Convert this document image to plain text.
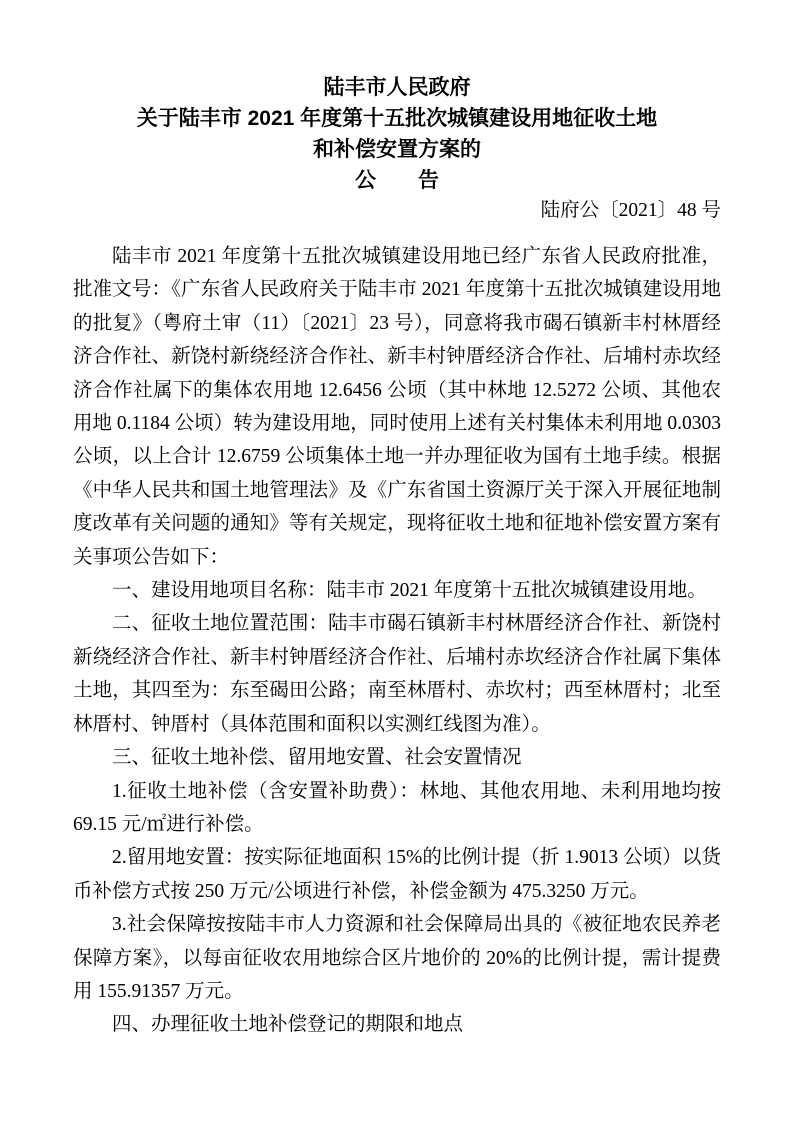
陆丰市人民政府
关于陆丰市 2021 年度第十五批次城镇建设用地征收土地
和补偿安置方案的
公　　告
陆府公〔2021〕48 号

陆丰市 2021 年度第十五批次城镇建设用地已经广东省人民政府批准，批准文号：《广东省人民政府关于陆丰市 2021 年度第十五批次城镇建设用地的批复》（粤府土审（11）〔2021〕23 号），同意将我市碣石镇新丰村林厝经济合作社、新饶村新绕经济合作社、新丰村钟厝经济合作社、后埔村赤坎经济合作社属下的集体农用地 12.6456 公顷（其中林地 12.5272 公顷、其他农用地 0.1184 公顷）转为建设用地，同时使用上述有关村集体未利用地 0.0303 公顷，以上合计 12.6759 公顷集体土地一并办理征收为国有土地手续。根据《中华人民共和国土地管理法》及《广东省国土资源厅关于深入开展征地制度改革有关问题的通知》等有关规定，现将征收土地和征地补偿安置方案有关事项公告如下：

一、建设用地项目名称：陆丰市 2021 年度第十五批次城镇建设用地。

二、征收土地位置范围：陆丰市碣石镇新丰村林厝经济合作社、新饶村新绕经济合作社、新丰村钟厝经济合作社、后埔村赤坎经济合作社属下集体土地，其四至为：东至碣田公路；南至林厝村、赤坎村；西至林厝村；北至林厝村、钟厝村（具体范围和面积以实测红线图为准）。

三、征收土地补偿、留用地安置、社会安置情况

1.征收土地补偿（含安置补助费）：林地、其他农用地、未利用地均按 69.15 元/㎡进行补偿。

2.留用地安置：按实际征地面积 15%的比例计提（折 1.9013 公顷）以货币补偿方式按 250 万元/公顷进行补偿，补偿金额为 475.3250 万元。

3.社会保障按按陆丰市人力资源和社会保障局出具的《被征地农民养老保障方案》，以每亩征收农用地综合区片地价的 20%的比例计提，需计提费用 155.91357 万元。

四、办理征收土地补偿登记的期限和地点
